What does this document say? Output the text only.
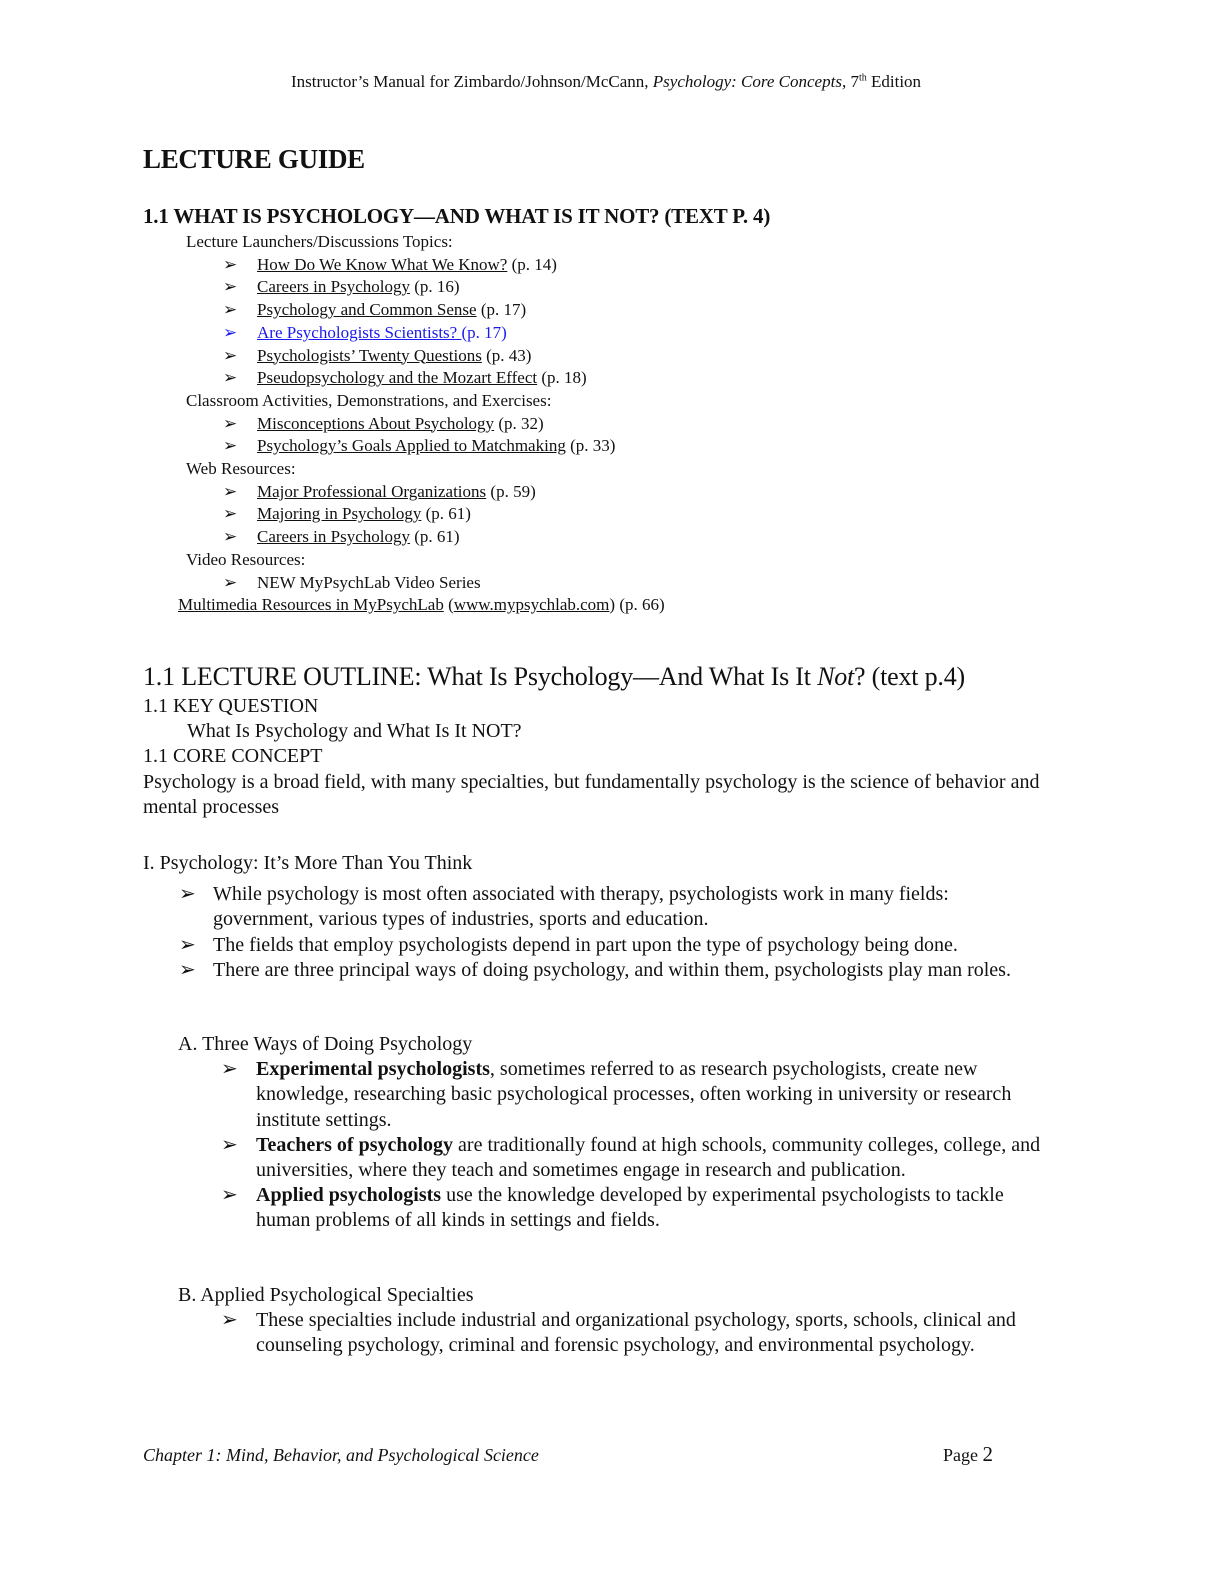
Instructor’s Manual for Zimbardo/Johnson/McCann, Psychology: Core Concepts, 7th Edition
LECTURE GUIDE
1.1 WHAT IS PSYCHOLOGY—AND WHAT IS IT NOT? (TEXT P. 4)
Lecture Launchers/Discussions Topics:
➢	How Do We Know What We Know? (p. 14)
➢	Careers in Psychology (p. 16)
➢	Psychology and Common Sense (p. 17)
➢	Are Psychologists Scientists? (p. 17)
➢	Psychologists’ Twenty Questions (p. 43)
➢	Pseudopsychology and the Mozart Effect (p. 18)
Classroom Activities, Demonstrations, and Exercises:
➢	Misconceptions About Psychology (p. 32)
➢	Psychology’s Goals Applied to Matchmaking (p. 33)
Web Resources:
➢	Major Professional Organizations (p. 59)
➢	Majoring in Psychology (p. 61)
➢	Careers in Psychology (p. 61)
Video Resources:
➢	NEW MyPsychLab Video Series
Multimedia Resources in MyPsychLab (www.mypsychlab.com) (p. 66)
1.1 LECTURE OUTLINE: What Is Psychology—And What Is It Not? (text p.4)
1.1 KEY QUESTION
What Is Psychology and What Is It NOT?
1.1 CORE CONCEPT
Psychology is a broad field, with many specialties, but fundamentally psychology is the science of behavior and mental processes
I. Psychology: It’s More Than You Think
➢ While psychology is most often associated with therapy, psychologists work in many fields: government, various types of industries, sports and education.
➢ The fields that employ psychologists depend in part upon the type of psychology being done.
➢ There are three principal ways of doing psychology, and within them, psychologists play man roles.
A. Three Ways of Doing Psychology
➢ Experimental psychologists, sometimes referred to as research psychologists, create new knowledge, researching basic psychological processes, often working in university or research institute settings.
➢ Teachers of psychology are traditionally found at high schools, community colleges, college, and universities, where they teach and sometimes engage in research and publication.
➢ Applied psychologists use the knowledge developed by experimental psychologists to tackle human problems of all kinds in settings and fields.
B. Applied Psychological Specialties
➢ These specialties include industrial and organizational psychology, sports, schools, clinical and counseling psychology, criminal and forensic psychology, and environmental psychology.
Chapter 1: Mind, Behavior, and Psychological Science	Page 2
